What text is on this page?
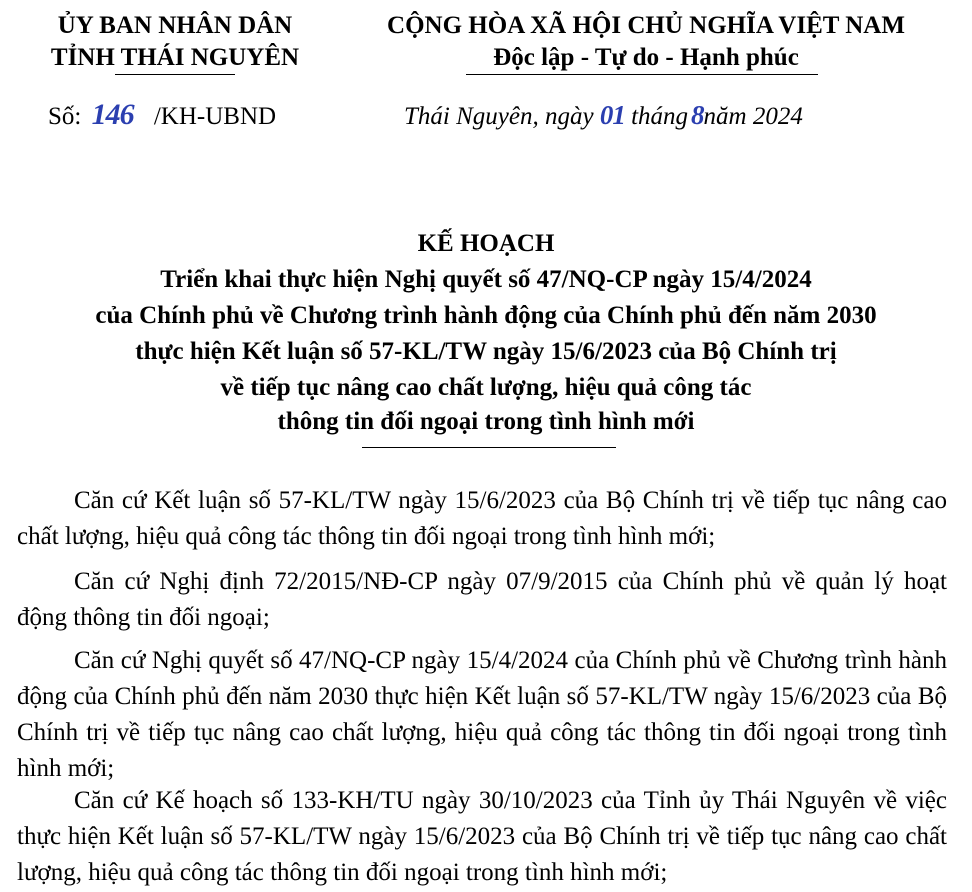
ỦY BAN NHÂN DÂN
TỈNH THÁI NGUYÊN
CỘNG HÒA XÃ HỘI CHỦ NGHĨA VIỆT NAM
Độc lập - Tự do - Hạnh phúc
Số: 146 /KH-UBND	Thái Nguyên, ngày 01 tháng 8năm 2024
KẾ HOẠCH
Triển khai thực hiện Nghị quyết số 47/NQ-CP ngày 15/4/2024
của Chính phủ về Chương trình hành động của Chính phủ đến năm 2030
thực hiện Kết luận số 57-KL/TW ngày 15/6/2023 của Bộ Chính trị
về tiếp tục nâng cao chất lượng, hiệu quả công tác
thông tin đối ngoại trong tình hình mới
Căn cứ Kết luận số 57-KL/TW ngày 15/6/2023 của Bộ Chính trị về tiếp tục nâng cao chất lượng, hiệu quả công tác thông tin đối ngoại trong tình hình mới;
Căn cứ Nghị định 72/2015/NĐ-CP ngày 07/9/2015 của Chính phủ về quản lý hoạt động thông tin đối ngoại;
Căn cứ Nghị quyết số 47/NQ-CP ngày 15/4/2024 của Chính phủ về Chương trình hành động của Chính phủ đến năm 2030 thực hiện Kết luận số 57-KL/TW ngày 15/6/2023 của Bộ Chính trị về tiếp tục nâng cao chất lượng, hiệu quả công tác thông tin đối ngoại trong tình hình mới;
Căn cứ Kế hoạch số 133-KH/TU ngày 30/10/2023 của Tỉnh ủy Thái Nguyên về việc thực hiện Kết luận số 57-KL/TW ngày 15/6/2023 của Bộ Chính trị về tiếp tục nâng cao chất lượng, hiệu quả công tác thông tin đối ngoại trong tình hình mới;
